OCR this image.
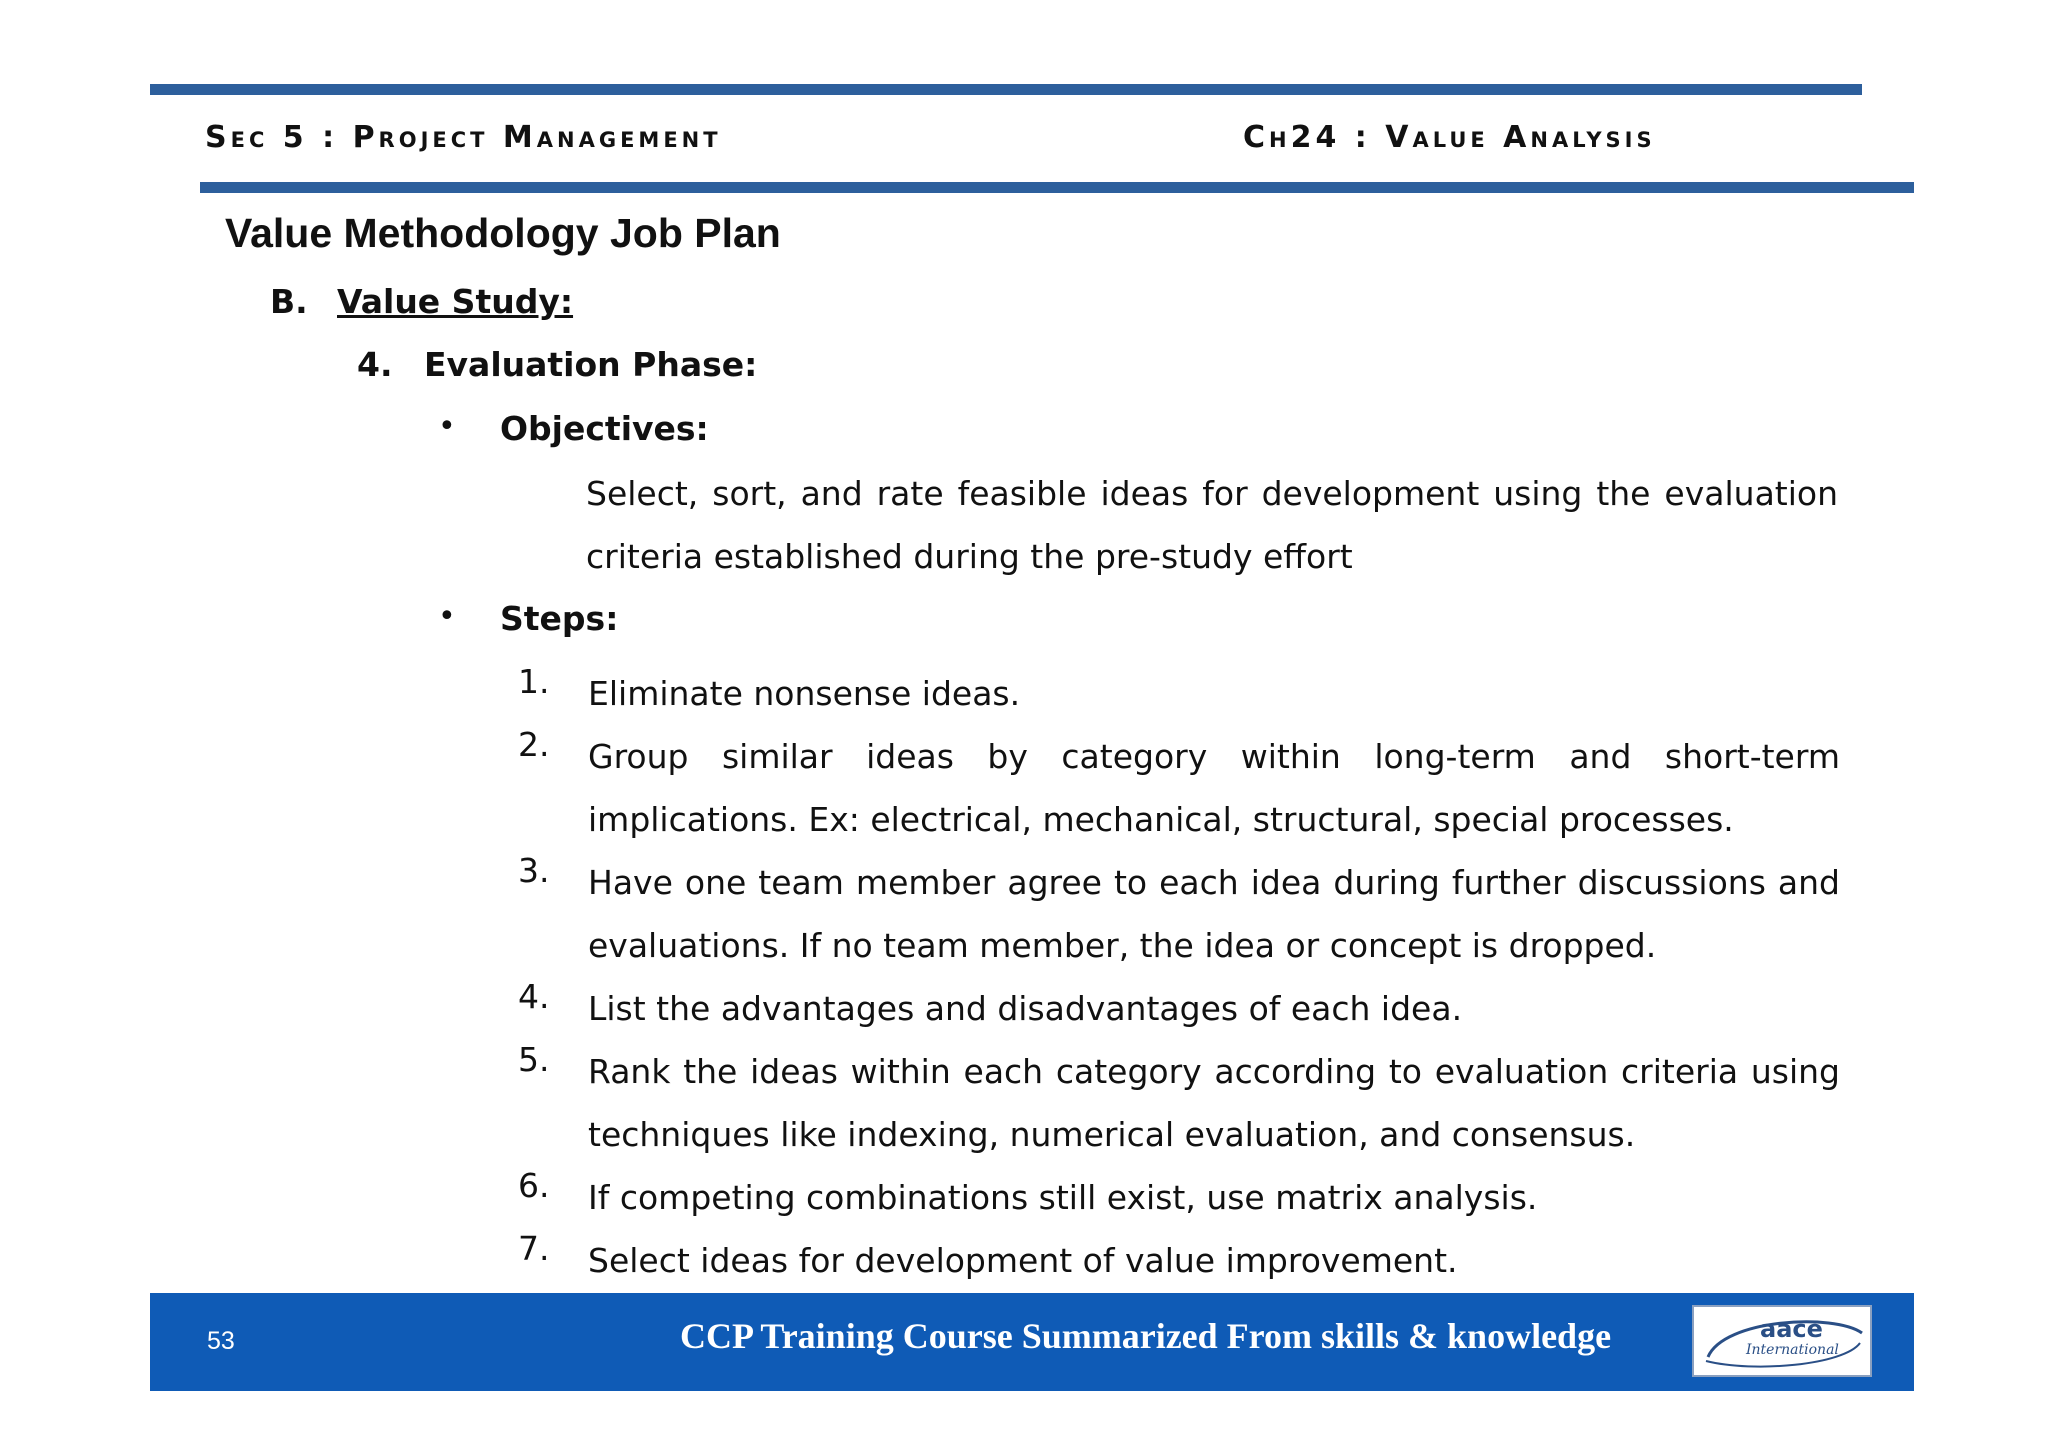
Sec 5 : Project Management	Ch24 : Value Analysis
Value Methodology Job Plan
B. Value Study:
4. Evaluation Phase:
• Objectives:
Select, sort, and rate feasible ideas for development using the evaluation criteria established during the pre-study effort
• Steps:
1.	Eliminate nonsense ideas.
2.	Group similar ideas by category within long-term and short-term implications. Ex: electrical, mechanical, structural, special processes.
3.	Have one team member agree to each idea during further discussions and evaluations. If no team member, the idea or concept is dropped.
4.	List the advantages and disadvantages of each idea.
5.	Rank the ideas within each category according to evaluation criteria using techniques like indexing, numerical evaluation, and consensus.
6.	If competing combinations still exist, use matrix analysis.
7.	Select ideas for development of value improvement.
53	CCP Training Course Summarized From skills & knowledge	aace
International
